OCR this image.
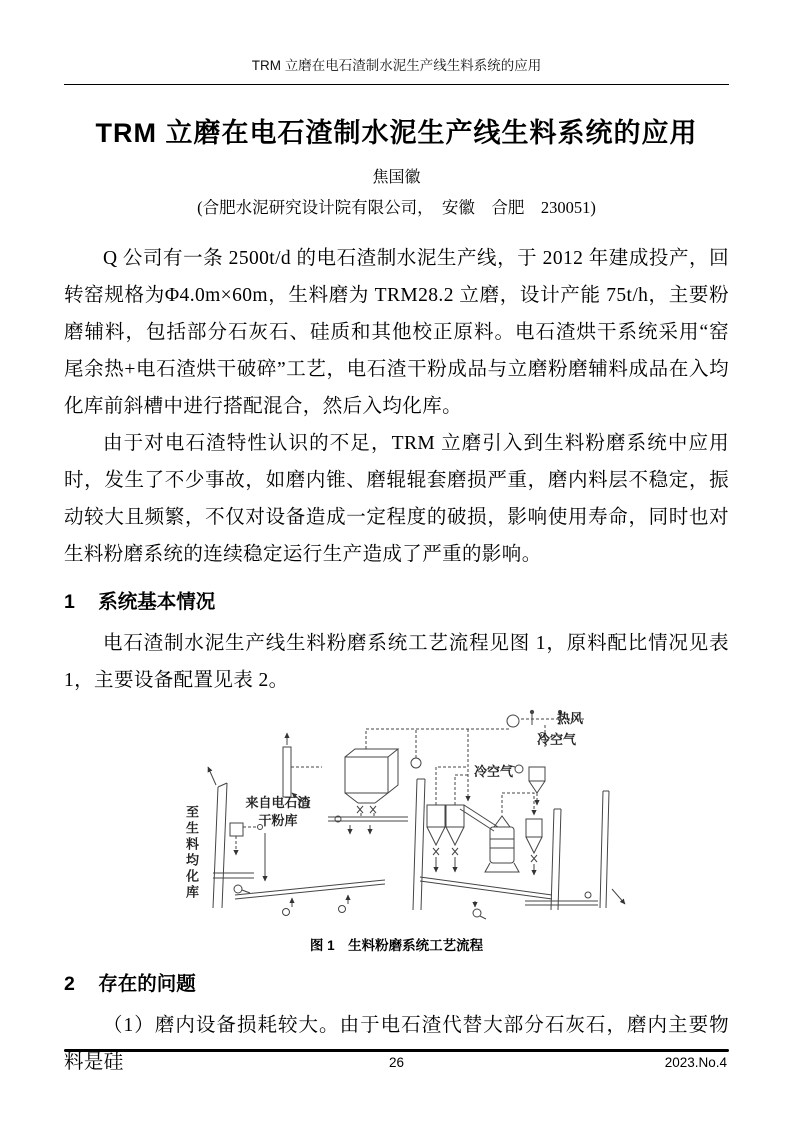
TRM 立磨在电石渣制水泥生产线生料系统的应用
TRM 立磨在电石渣制水泥生产线生料系统的应用
焦国徽
(合肥水泥研究设计院有限公司，　安徽　合肥　230051)

Q 公司有一条 2500t/d 的电石渣制水泥生产线，于 2012 年建成投产，回转窑规格为Φ4.0m×60m，生料磨为 TRM28.2 立磨，设计产能 75t/h，主要粉磨辅料，包括部分石灰石、硅质和其他校正原料。电石渣烘干系统采用“窑尾余热+电石渣烘干破碎”工艺，电石渣干粉成品与立磨粉磨辅料成品在入均化库前斜槽中进行搭配混合，然后入均化库。

由于对电石渣特性认识的不足，TRM 立磨引入到生料粉磨系统中应用时，发生了不少事故，如磨内锥、磨辊辊套磨损严重，磨内料层不稳定，振动较大且频繁，不仅对设备造成一定程度的破损，影响使用寿命，同时也对生料粉磨系统的连续稳定运行生产造成了严重的影响。

1 系统基本情况

电石渣制水泥生产线生料粉磨系统工艺流程见图 1，原料配比情况见表 1，主要设备配置见表 2。

热风
冷空气
冷空气
来自电石渣
干粉库
至生料均化库
图 1　生料粉磨系统工艺流程
2 存在的问题

（1）磨内设备损耗较大。由于电石渣代替大部分石灰石，磨内主要物料是硅	26	2023.No.4
